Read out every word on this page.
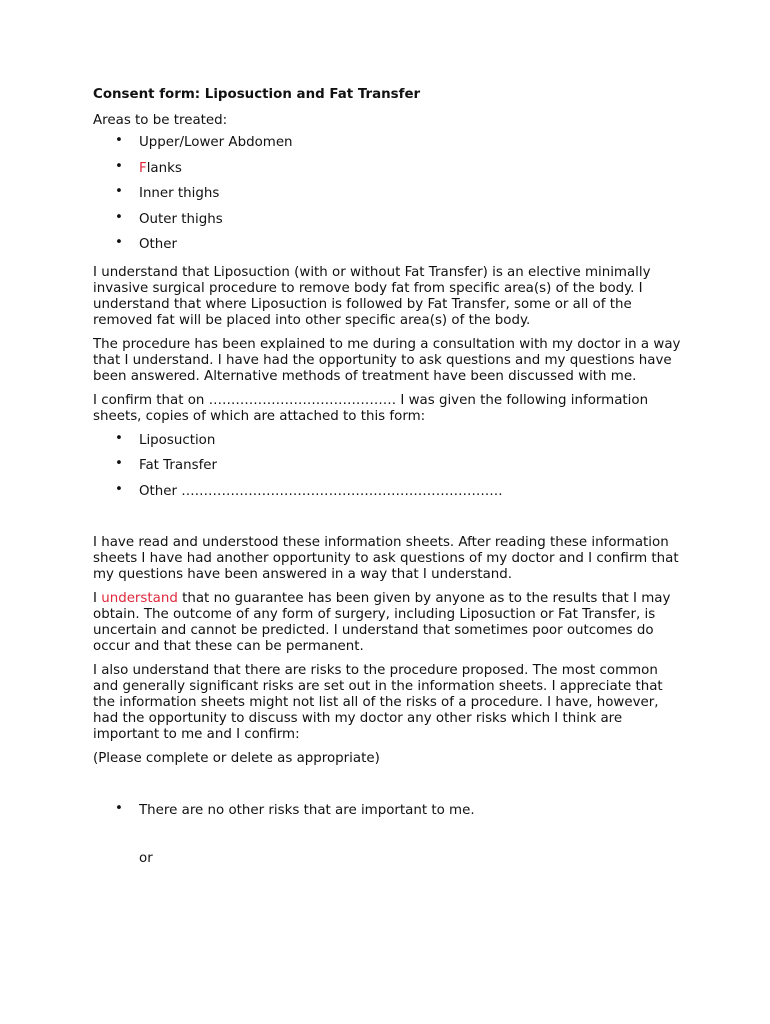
Consent form: Liposuction and Fat Transfer
Areas to be treated:
• Upper/Lower Abdomen
• Flanks
• Inner thighs
• Outer thighs
• Other

I understand that Liposuction (with or without Fat Transfer) is an elective minimally invasive surgical procedure to remove body fat from specific area(s) of the body. I understand that where Liposuction is followed by Fat Transfer, some or all of the removed fat will be placed into other specific area(s) of the body.

The procedure has been explained to me during a consultation with my doctor in a way that I understand. I have had the opportunity to ask questions and my questions have been answered. Alternative methods of treatment have been discussed with me.

I confirm that on …………………………………… I was given the following information sheets, copies of which are attached to this form:

• Liposuction
• Fat Transfer
• Other ………………………………………………………………

I have read and understood these information sheets. After reading these information sheets I have had another opportunity to ask questions of my doctor and I confirm that my questions have been answered in a way that I understand.

I understand that no guarantee has been given by anyone as to the results that I may obtain. The outcome of any form of surgery, including Liposuction or Fat Transfer, is uncertain and cannot be predicted. I understand that sometimes poor outcomes do occur and that these can be permanent.

I also understand that there are risks to the procedure proposed. The most common and generally significant risks are set out in the information sheets. I appreciate that the information sheets might not list all of the risks of a procedure. I have, however, had the opportunity to discuss with my doctor any other risks which I think are important to me and I confirm:

(Please complete or delete as appropriate)

• There are no other risks that are important to me.
or
